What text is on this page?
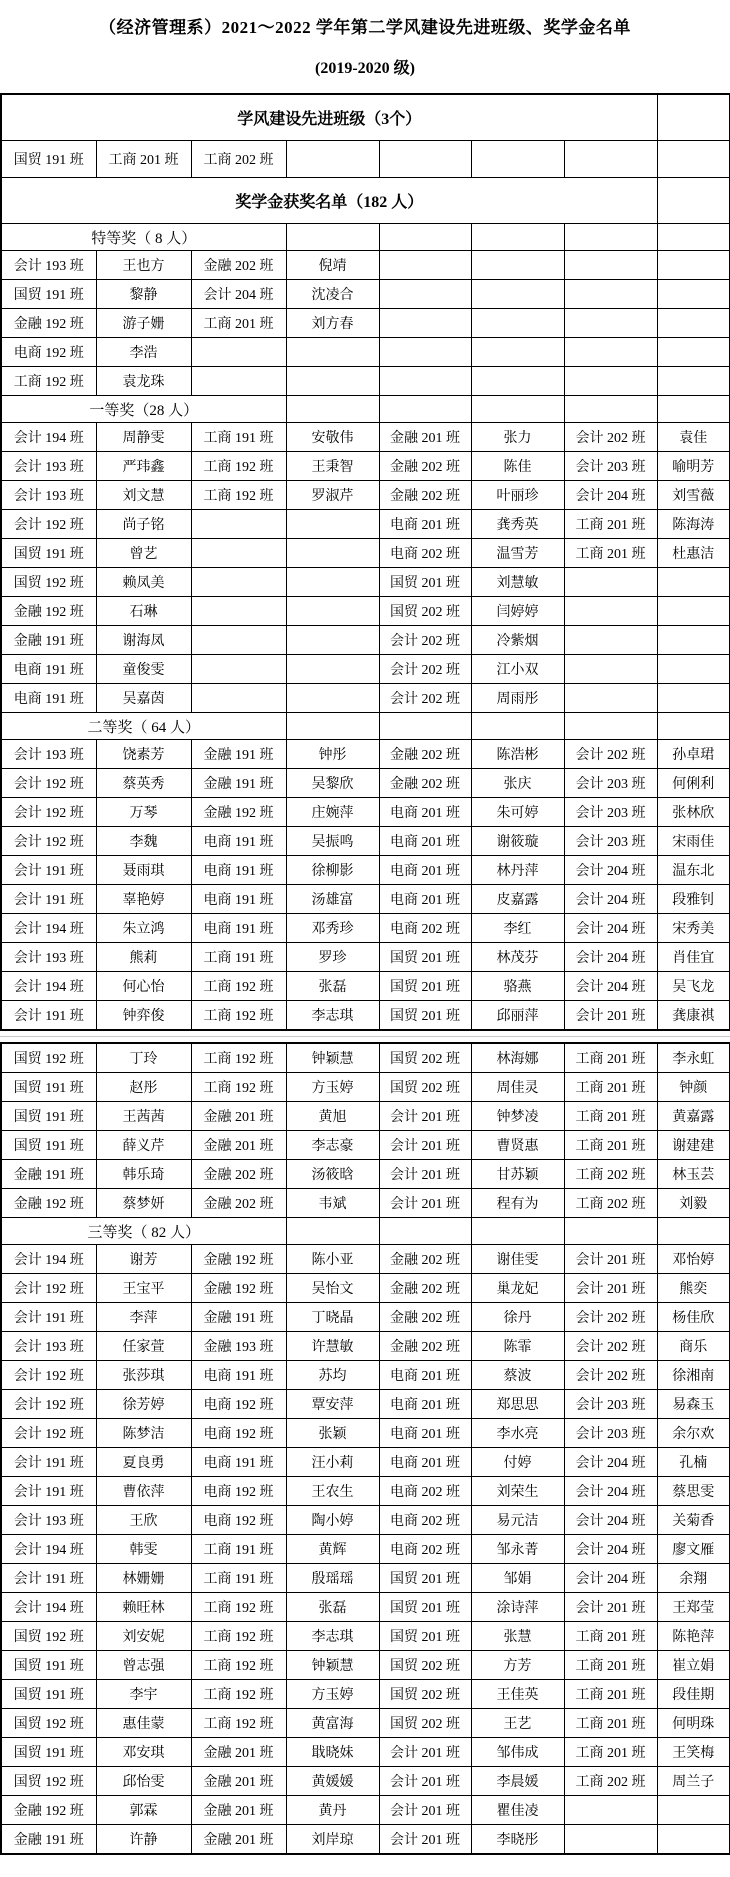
（经济管理系）2021～2022 学年第二学风建设先进班级、奖学金名单
(2019-2020 级)
学风建设先进班级（3个）							
国贸 191 班	工商 201 班	工商 202 班					
奖学金获奖名单（182 人）							
特等奖（ 8 人）							
会计 193 班	王也方	金融 202 班	倪靖				
国贸 191 班	黎静	会计 204 班	沈凌合				
金融 192 班	游子姗	工商 201 班	刘方春				
电商 192 班	李浩						
工商 192 班	袁龙珠						
一等奖（28 人）							
会计 194 班	周静雯	工商 191 班	安敬伟	金融 201 班	张力	会计 202 班	袁佳
会计 193 班	严玮鑫	工商 192 班	王秉智	金融 202 班	陈佳	会计 203 班	喻明芳
会计 193 班	刘文慧	工商 192 班	罗淑芹	金融 202 班	叶丽珍	会计 204 班	刘雪薇
会计 192 班	尚子铭			电商 201 班	龚秀英	工商 201 班	陈海涛
国贸 191 班	曾艺			电商 202 班	温雪芳	工商 201 班	杜惠洁
国贸 192 班	赖凤美			国贸 201 班	刘慧敏		
金融 192 班	石琳			国贸 202 班	闫婷婷		
金融 191 班	谢海凤			会计 202 班	冷紫烟		
电商 191 班	童俊雯			会计 202 班	江小双		
电商 191 班	吴嘉茵			会计 202 班	周雨彤		
二等奖（ 64 人）							
会计 193 班	饶素芳	金融 191 班	钟彤	金融 202 班	陈浩彬	会计 202 班	孙卓珺
会计 192 班	蔡英秀	金融 191 班	吴黎欣	金融 202 班	张庆	会计 203 班	何俐利
会计 192 班	万琴	金融 192 班	庄婉萍	电商 201 班	朱可婷	会计 203 班	张林欣
会计 192 班	李魏	电商 191 班	吴振鸣	电商 201 班	谢筱璇	会计 203 班	宋雨佳
会计 191 班	聂雨琪	电商 191 班	徐柳影	电商 201 班	林丹萍	会计 204 班	温东北
会计 191 班	辜艳婷	电商 191 班	汤雄富	电商 201 班	皮嘉露	会计 204 班	段雅钊
会计 194 班	朱立鸿	电商 191 班	邓秀珍	电商 202 班	李红	会计 204 班	宋秀美
会计 193 班	熊莉	工商 191 班	罗珍	国贸 201 班	林茂芬	会计 204 班	肖佳宜
会计 194 班	何心怡	工商 192 班	张磊	国贸 201 班	骆燕	会计 204 班	吴飞龙
会计 191 班	钟弈俊	工商 192 班	李志琪	国贸 201 班	邱丽萍	会计 201 班	龚康祺
国贸 192 班	丁玲	工商 192 班	钟颖慧	国贸 202 班	林海娜	工商 201 班	李永虹
国贸 191 班	赵彤	工商 192 班	方玉婷	国贸 202 班	周佳灵	工商 201 班	钟颜
国贸 191 班	王茜茜	金融 201 班	黄旭	会计 201 班	钟梦凌	工商 201 班	黄嘉露
国贸 191 班	薛义芹	金融 201 班	李志豪	会计 201 班	曹贤惠	工商 201 班	谢建建
金融 191 班	韩乐琦	金融 202 班	汤筱晗	会计 201 班	甘苏颖	工商 202 班	林玉芸
金融 192 班	蔡梦妍	金融 202 班	韦斌	会计 201 班	程有为	工商 202 班	刘毅
三等奖（ 82 人）							
会计 194 班	谢芳	金融 192 班	陈小亚	金融 202 班	谢佳雯	会计 201 班	邓怡婷
会计 192 班	王宝平	金融 192 班	吴怡文	金融 202 班	巢龙妃	会计 201 班	熊奕
会计 191 班	李萍	金融 191 班	丁晓晶	金融 202 班	徐丹	会计 202 班	杨佳欣
会计 193 班	任家萱	金融 193 班	许慧敏	金融 202 班	陈霏	会计 202 班	商乐
会计 192 班	张莎琪	电商 191 班	苏均	电商 201 班	蔡波	会计 202 班	徐湘南
会计 192 班	徐芳婷	电商 192 班	覃安萍	电商 201 班	郑思思	会计 203 班	易森玉
会计 192 班	陈梦洁	电商 192 班	张颖	电商 201 班	李水亮	会计 203 班	余尔欢
会计 191 班	夏良勇	电商 191 班	汪小莉	电商 201 班	付婷	会计 204 班	孔楠
会计 191 班	曹依萍	电商 192 班	王农生	电商 202 班	刘荣生	会计 204 班	蔡思雯
会计 193 班	王欣	电商 192 班	陶小婷	电商 202 班	易元洁	会计 204 班	关菊香
会计 194 班	韩雯	工商 191 班	黄辉	电商 202 班	邹永菁	会计 204 班	廖文雁
会计 191 班	林姗姗	工商 191 班	殷瑶瑶	国贸 201 班	邹娟	会计 204 班	余翔
会计 194 班	赖旺林	工商 192 班	张磊	国贸 201 班	涂诗萍	会计 201 班	王郑莹
国贸 192 班	刘安妮	工商 192 班	李志琪	国贸 201 班	张慧	工商 201 班	陈艳萍
国贸 191 班	曾志强	工商 192 班	钟颖慧	国贸 202 班	方芳	工商 201 班	崔立娟
国贸 191 班	李宇	工商 192 班	方玉婷	国贸 202 班	王佳英	工商 201 班	段佳期
国贸 192 班	惠佳蒙	工商 192 班	黄富海	国贸 202 班	王艺	工商 201 班	何明珠
国贸 191 班	邓安琪	金融 201 班	戢晓妹	会计 201 班	邹伟成	工商 201 班	王笑梅
国贸 192 班	邱怡雯	金融 201 班	黄媛媛	会计 201 班	李晨媛	工商 202 班	周兰子
金融 192 班	郭霖	金融 201 班	黄丹	会计 201 班	瞿佳凌		
金融 191 班	许静	金融 201 班	刘岸琼	会计 201 班	李晓彤		
